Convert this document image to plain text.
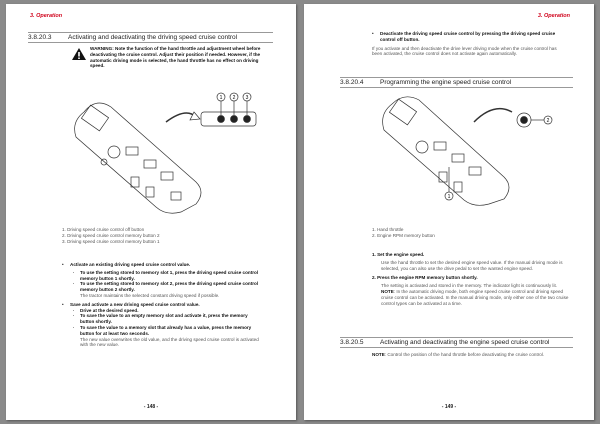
3. Operation
3.8.20.3	Activating and deactivating the driving speed cruise control
WARNING: Note the function of the hand throttle and adjustment wheel before deactivating the cruise control. Adjust their position if needed. However, if the automatic driving mode is selected, the hand throttle has no effect on driving speed.
1 2 3
1. Driving speed cruise control off button
2. Driving speed cruise control memory button 2
3. Driving speed cruise control memory button 1
• Activate an existing driving speed cruise control value.
· To use the setting stored to memory slot 1, press the driving speed cruise control memory button 1 shortly.
· To use the setting stored to memory slot 2, press the driving speed cruise control memory button 2 shortly.
The tractor maintains the selected constant driving speed if possible.
• Save and activate a new driving speed cruise control value.
· Drive at the desired speed.
· To save the value to an empty memory slot and activate it, press the memory button shortly.
· To save the value to a memory slot that already has a value, press the memory button for at least two seconds.
The new value overwrites the old value, and the driving speed cruise control is activated with the new value.
- 148 -
3. Operation
• Deactivate the driving speed cruise control by pressing the driving speed cruise control off button.
If you activate and then deactivate the drive lever driving mode when the cruise control has been activated, the cruise control does not activate again automatically.
3.8.20.4	Programming the engine speed cruise control
1
2
1. Hand throttle
2. Engine RPM memory button
1. Set the engine speed.
Use the hand throttle to set the desired engine speed value. If the manual driving mode is selected, you can also use the drive pedal to set the wanted engine speed.
2. Press the engine RPM memory button shortly.
The setting is activated and stored in the memory. The indicator light is continuously lit.
NOTE: In the automatic driving mode, both engine speed cruise control and driving speed cruise control can be activated. In the manual driving mode, only either one of the two cruise control types can be activated at a time.
3.8.20.5	Activating and deactivating the engine speed cruise control
NOTE: Control the position of the hand throttle before deactivating the cruise control.
- 149 -
